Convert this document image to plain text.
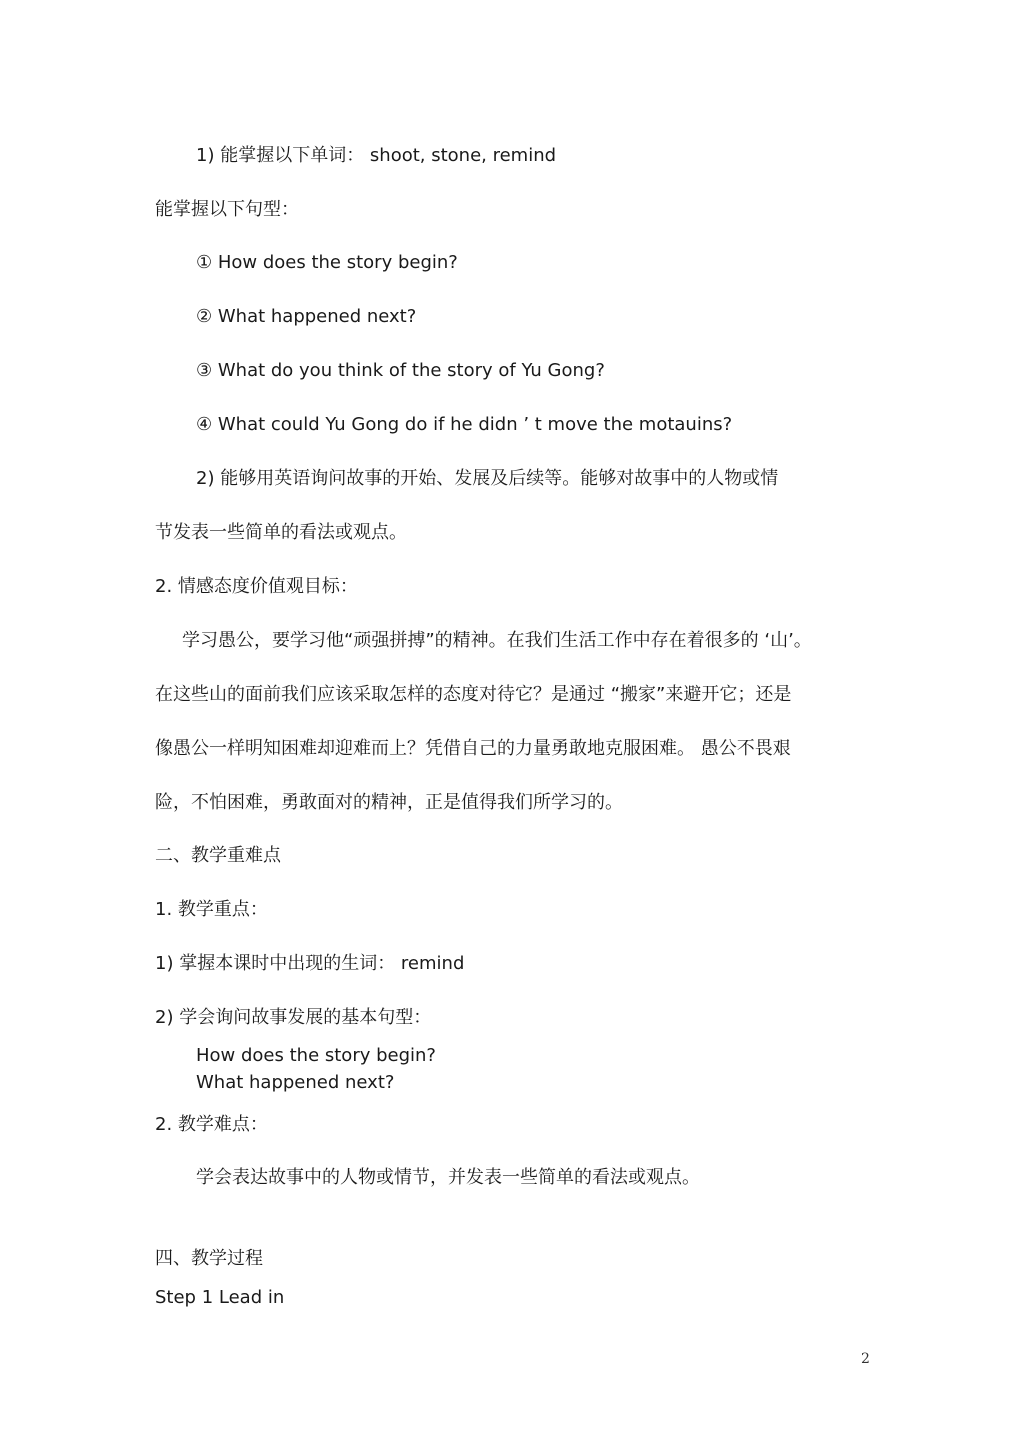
1) 能掌握以下单词： shoot, stone, remind
能掌握以下句型：
① How does the story begin?
② What happened next?
③ What do you think of the story of Yu Gong?
④ What could Yu Gong do if he didn ’ t move the motauins?
2) 能够用英语询问故事的开始、发展及后续等。能够对故事中的人物或情
节发表一些简单的看法或观点。
2. 情感态度价值观目标：
学习愚公，要学习他“顽强拼搏”的精神。在我们生活工作中存在着很多的 ‘山’。
在这些山的面前我们应该采取怎样的态度对待它？是通过 “搬家”来避开它；还是
像愚公一样明知困难却迎难而上？凭借自己的力量勇敢地克服困难。 愚公不畏艰
险，不怕困难，勇敢面对的精神，正是值得我们所学习的。
二、教学重难点
1. 教学重点：
1) 掌握本课时中出现的生词： remind
2) 学会询问故事发展的基本句型：
How does the story begin?
What happened next?
2. 教学难点：
学会表达故事中的人物或情节，并发表一些简单的看法或观点。
四、教学过程
Step 1 Lead in
2
